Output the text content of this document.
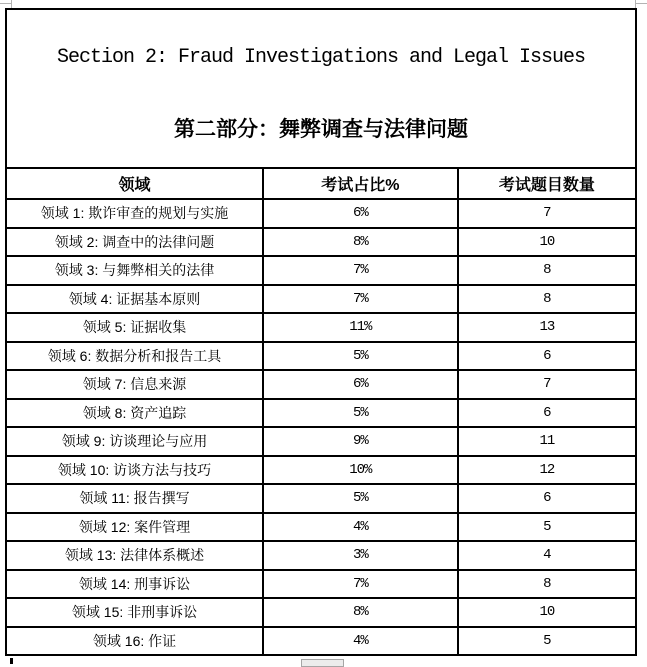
Section 2: Fraud Investigations and Legal Issues
第二部分：舞弊调查与法律问题
领域	考试占比%	考试题目数量
领域 1: 欺诈审查的规划与实施	6%	7
领域 2: 调查中的法律问题	8%	10
领域 3: 与舞弊相关的法律	7%	8
领域 4: 证据基本原则	7%	8
领域 5: 证据收集	11%	13
领域 6: 数据分析和报告工具	5%	6
领域 7: 信息来源	6%	7
领域 8: 资产追踪	5%	6
领域 9: 访谈理论与应用	9%	11
领域 10: 访谈方法与技巧	10%	12
领域 11: 报告撰写	5%	6
领域 12: 案件管理	4%	5
领域 13: 法律体系概述	3%	4
领域 14: 刑事诉讼	7%	8
领域 15: 非刑事诉讼	8%	10
领域 16: 作证	4%	5
